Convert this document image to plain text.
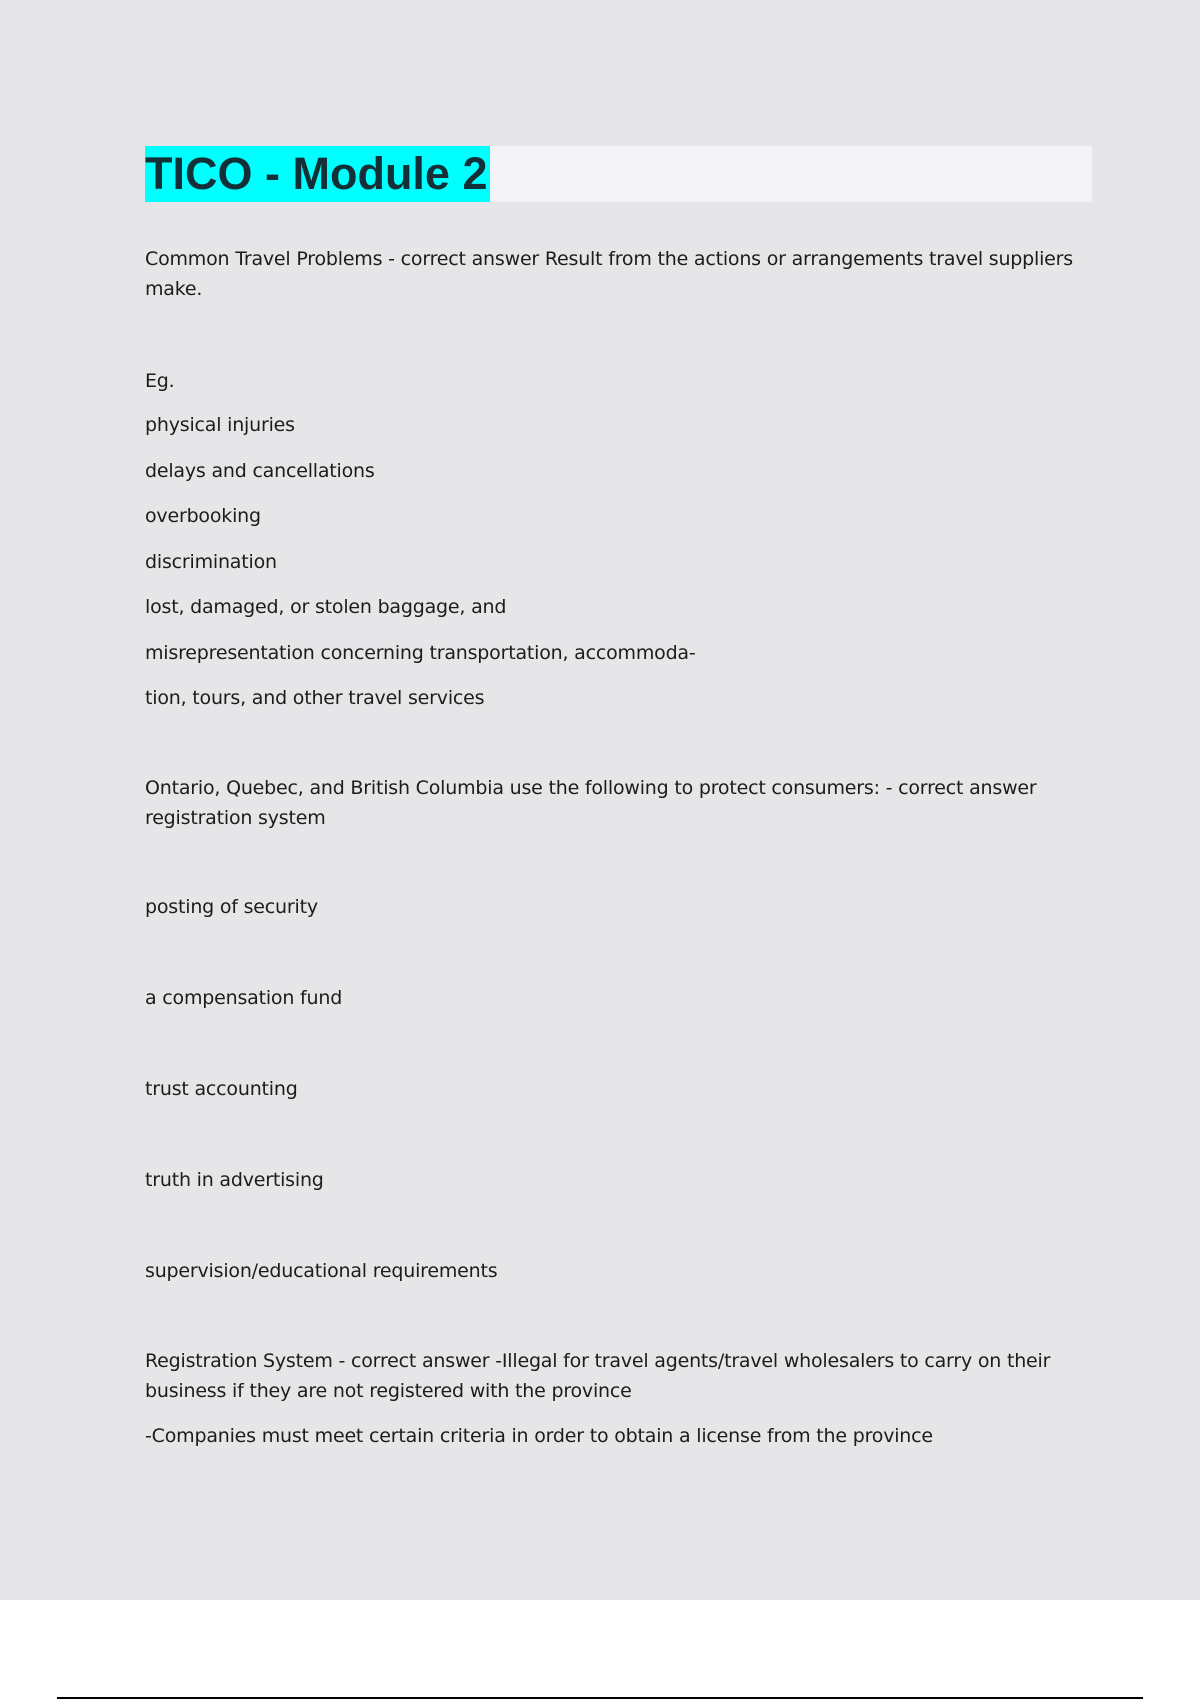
TICO - Module 2
Common Travel Problems - correct answer Result from the actions or arrangements travel suppliers make.
Eg.
physical injuries
delays and cancellations
overbooking
discrimination
lost, damaged, or stolen baggage, and
misrepresentation concerning transportation, accommoda-
tion, tours, and other travel services
Ontario, Quebec, and British Columbia use the following to protect consumers: - correct answer registration system
posting of security
a compensation fund
trust accounting
truth in advertising
supervision/educational requirements
Registration System - correct answer -Illegal for travel agents/travel wholesalers to carry on their business if they are not registered with the province
-Companies must meet certain criteria in order to obtain a license from the province
